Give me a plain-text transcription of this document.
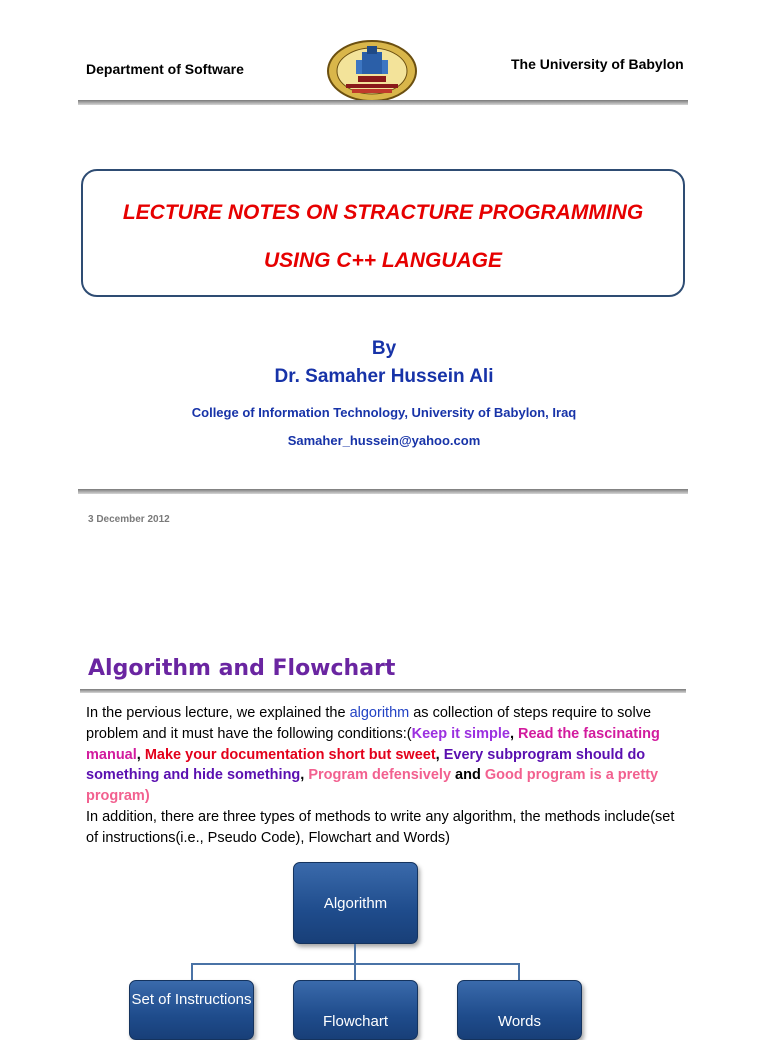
Department of Software	The University of Babylon
LECTURE NOTES ON STRACTURE PROGRAMMING
USING C++ LANGUAGE
By
Dr. Samaher Hussein Ali
College of Information Technology, University of Babylon, Iraq
Samaher_hussein@yahoo.com
3 December 2012
Algorithm and Flowchart
In the pervious lecture, we explained the algorithm as collection of steps require to solve problem and it must have the following conditions:(Keep it simple, Read the fascinating manual, Make your documentation short but sweet, Every subprogram should do something and hide something, Program defensively and Good program is a pretty program)
In addition, there are three types of methods to write any algorithm, the methods include(set of instructions(i.e., Pseudo Code), Flowchart and Words)
Algorithm
Set of Instructions
Flowchart	Words
